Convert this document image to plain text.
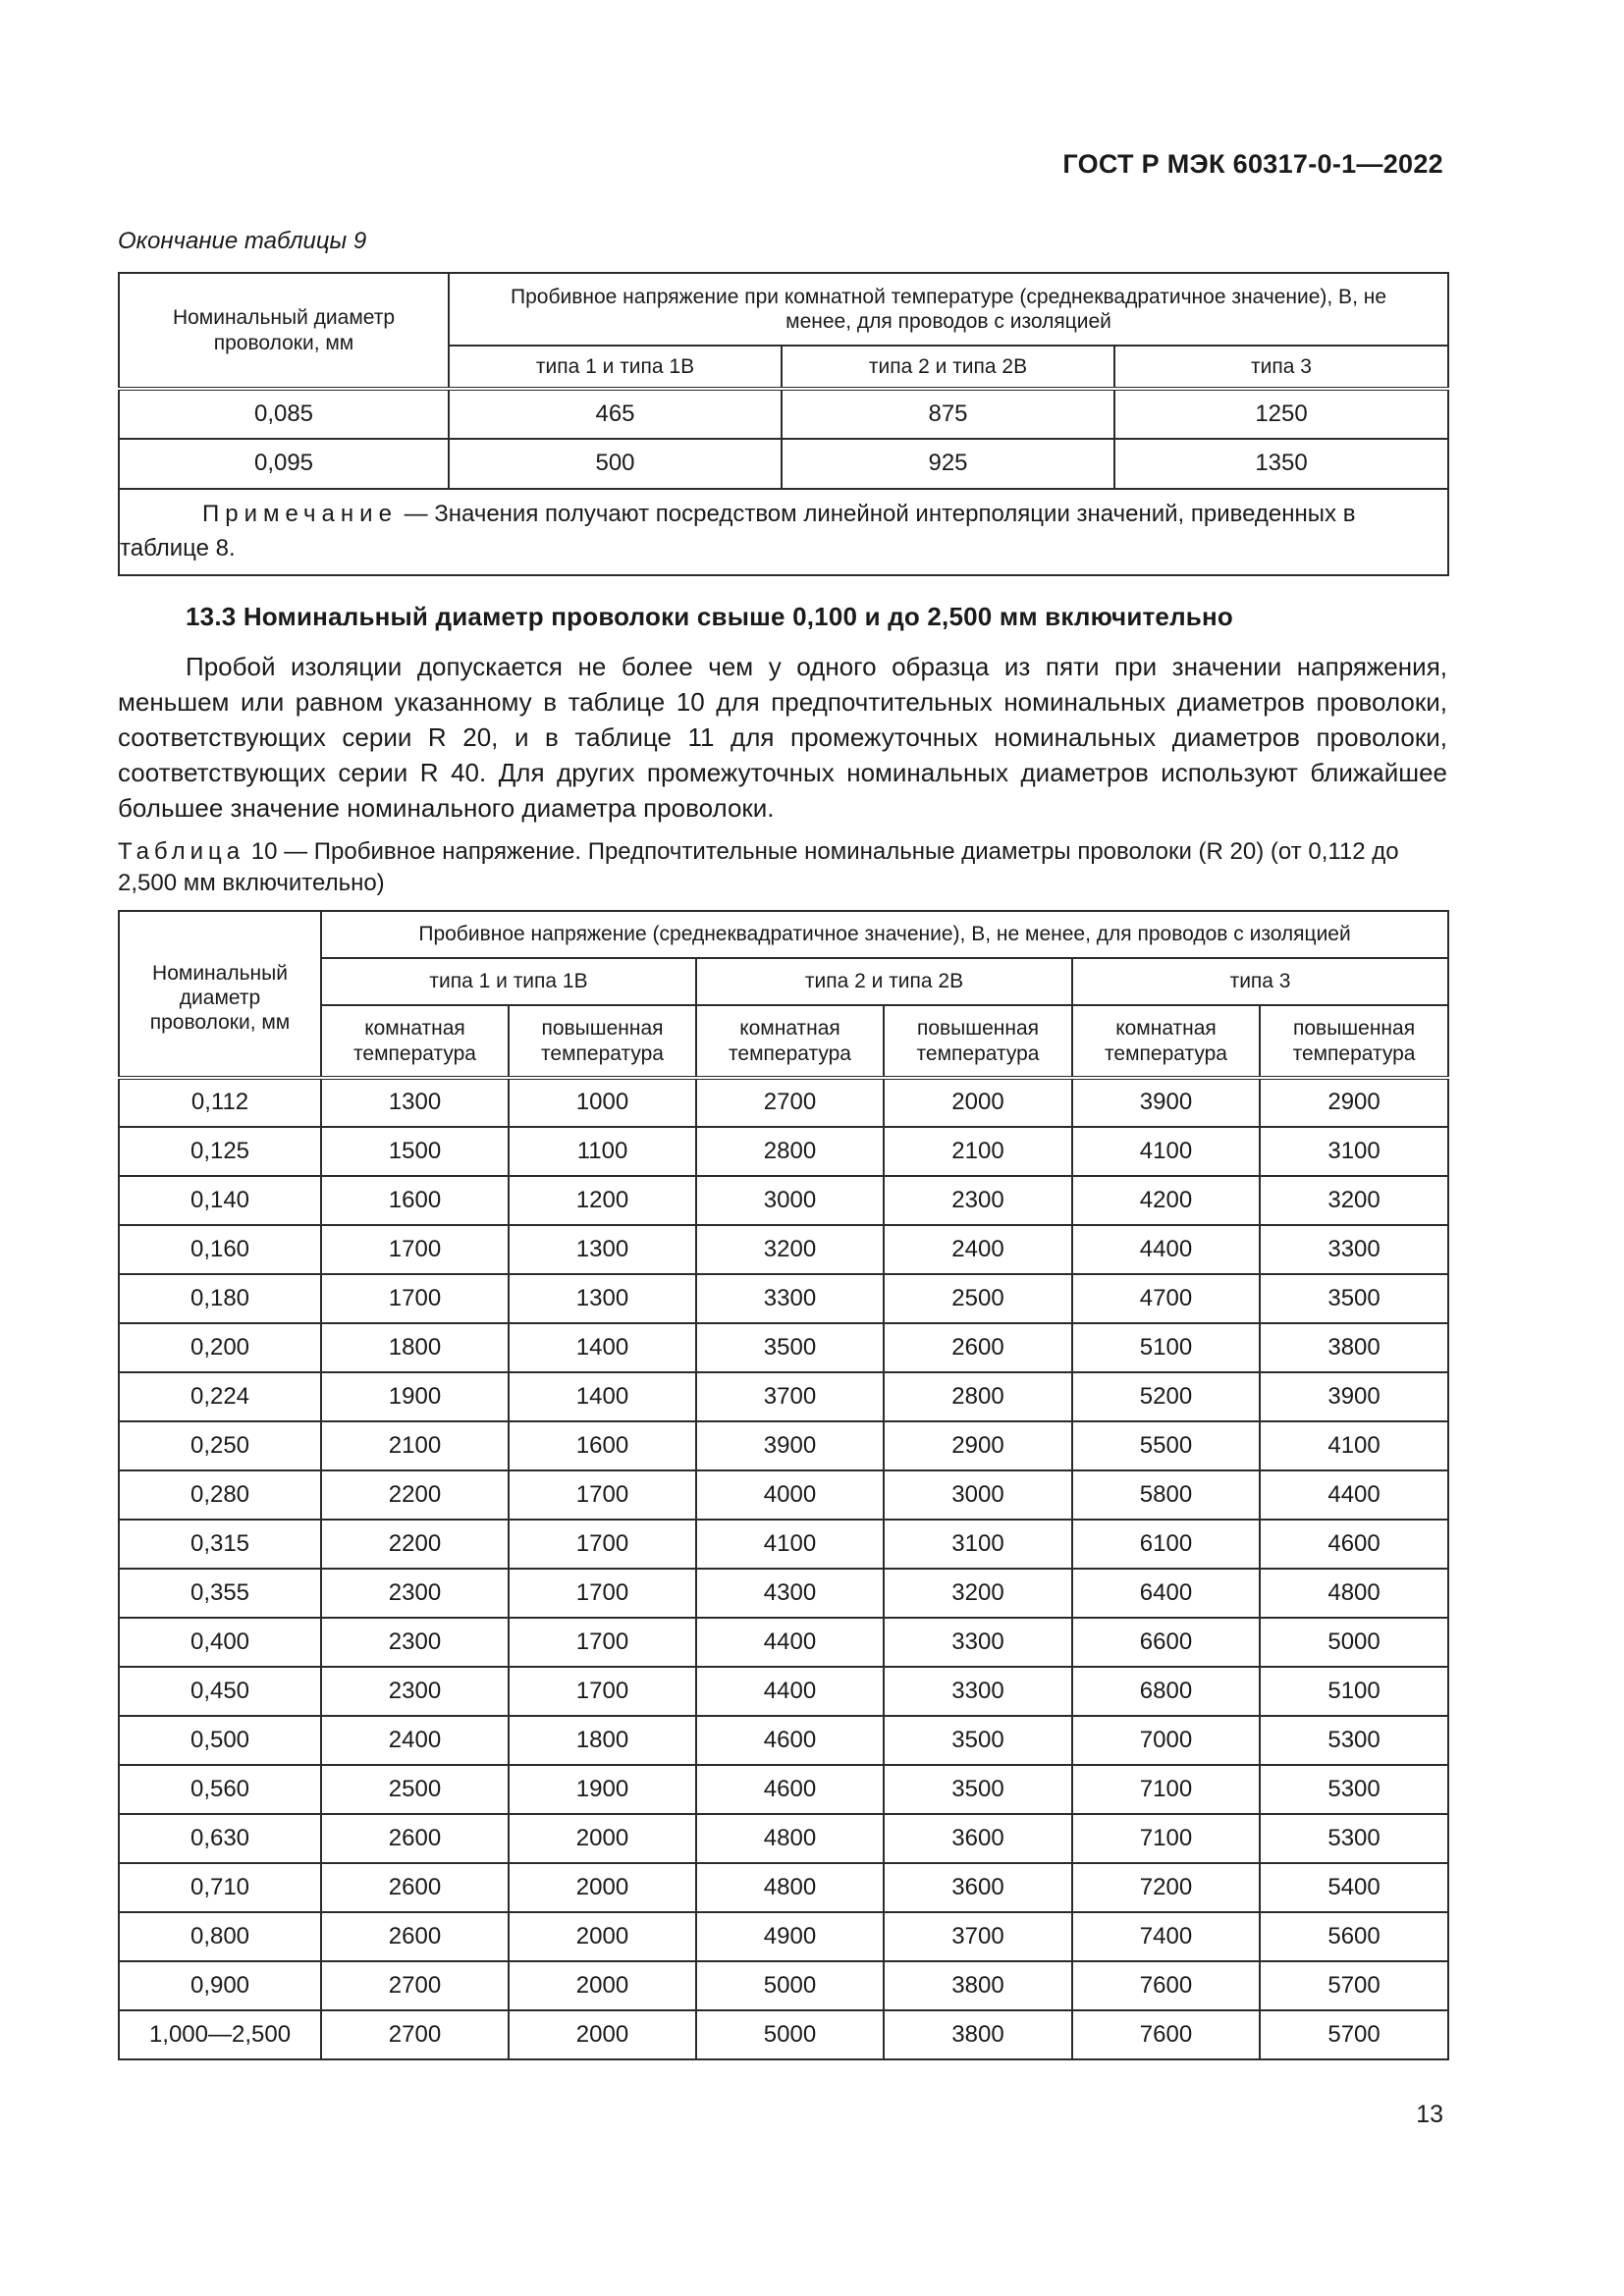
ГОСТ Р МЭК 60317-0-1—2022
Окончание таблицы 9
Номинальный диаметр проволоки, мм	Пробивное напряжение при комнатной температуре (среднеквадратичное значение), В, не менее, для проводов с изоляцией		
	типа 1 и типа 1B	типа 2 и типа 2B	типа 3
0,085	465	875	1250
0,095	500	925	1350

Примечание — Значения получают посредством линейной интерполяции значений, приведенных в
таблице 8.			
13.3 Номинальный диаметр проволоки свыше 0,100 и до 2,500 мм включительно

Пробой изоляции допускается не более чем у одного образца из пяти при значении напряжения, меньшем или равном указанному в таблице 10 для предпочтительных номинальных диаметров проволоки, соответствующих серии R 20, и в таблице 11 для промежуточных номинальных диаметров проволоки, соответствующих серии R 40. Для других промежуточных номинальных диаметров используют ближайшее большее значение номинального диаметра проволоки.

Таблица 10 — Пробивное напряжение. Предпочтительные номинальные диаметры проволоки (R 20) (от 0,112 до 2,500 мм включительно)
Номинальный диаметр проволоки, мм	Пробивное напряжение (среднеквадратичное значение), В, не менее, для проводов с изоляцией					
	типа 1 и типа 1B		типа 2 и типа 2B		типа 3	
	комнатная температура	повышенная температура	комнатная температура	повышенная температура	комнатная температура	повышенная температура
0,112	1300	1000	2700	2000	3900	2900
0,125	1500	1100	2800	2100	4100	3100
0,140	1600	1200	3000	2300	4200	3200
0,160	1700	1300	3200	2400	4400	3300
0,180	1700	1300	3300	2500	4700	3500
0,200	1800	1400	3500	2600	5100	3800
0,224	1900	1400	3700	2800	5200	3900
0,250	2100	1600	3900	2900	5500	4100
0,280	2200	1700	4000	3000	5800	4400
0,315	2200	1700	4100	3100	6100	4600
0,355	2300	1700	4300	3200	6400	4800
0,400	2300	1700	4400	3300	6600	5000
0,450	2300	1700	4400	3300	6800	5100
0,500	2400	1800	4600	3500	7000	5300
0,560	2500	1900	4600	3500	7100	5300
0,630	2600	2000	4800	3600	7100	5300
0,710	2600	2000	4800	3600	7200	5400
0,800	2600	2000	4900	3700	7400	5600
0,900	2700	2000	5000	3800	7600	5700
1,000—2,500	2700	2000	5000	3800	7600	5700
13
